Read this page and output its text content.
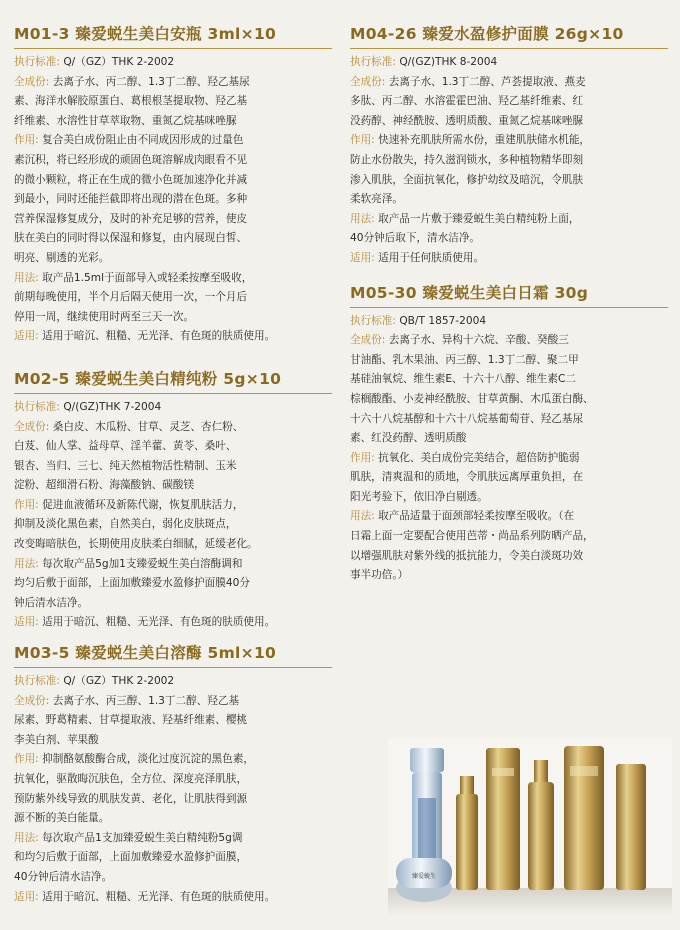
M01-3 臻爱蜕生美白安瓶 3ml×10

执行标准: Q/（GZ）THK 2-2002

全成份: 去离子水、丙二醇、1.3丁二醇、羟乙基尿

素、海洋水解胶原蛋白、葛根根茎提取物、羟乙基

纤维素、水溶性甘草萃取物、重氮乙烷基咪唑脲

作用: 复合美白成份阻止由不同成因形成的过量色

素沉积，将已经形成的顽固色斑溶解成肉眼看不见

的微小颗粒，将正在生成的微小色斑加速净化并减

到最小，同时还能拦截即将出现的潜在色斑。多种

营养保湿修复成分，及时的补充足够的营养，使皮

肤在美白的同时得以保湿和修复，由内展现白皙、

明亮、剔透的光彩。

用法: 取产品1.5ml于面部导入或轻柔按摩至吸收，

前期每晚使用，半个月后隔天使用一次，一个月后

停用一周，继续使用时两至三天一次。

适用: 适用于暗沉、粗糙、无光泽、有色斑的肤质使用。

M02-5 臻爱蜕生美白精纯粉 5g×10

执行标准: Q/(GZ)THK 7-2004

全成份: 桑白皮、木瓜粉、甘草、灵芝、杏仁粉、

白芨、仙人掌、益母草、淫羊藿、黄苓、桑叶、

银杏、当归、三七、纯天然植物活性精制、玉米

淀粉、超细滑石粉、海藻酸钠、碳酸镁

作用: 促进血液循环及新陈代谢，恢复肌肤活力，

抑制及淡化黑色素，自然美白，弱化皮肤斑点，

改变晦暗肤色，长期使用皮肤柔白细腻，延缓老化。

用法: 每次取产品5g加1支臻爱蜕生美白溶酶调和

均匀后敷于面部，上面加敷臻爱水盈修护面膜40分

钟后清水洁净。

适用: 适用于暗沉、粗糙、无光泽、有色斑的肤质使用。

M03-5 臻爱蜕生美白溶酶 5ml×10

执行标准: Q/（GZ）THK 2-2002

全成份: 去离子水、丙三醇、1.3丁二醇、羟乙基

尿素、野葛精素、甘草提取液、羟基纤维素、樱桃

李美白剂、苹果酸

作用: 抑制酪氨酸酶合成，淡化过度沉淀的黑色素，

抗氧化，驱散晦沉肤色，全方位、深度亮泽肌肤，

预防紫外线导致的肌肤发黄、老化，让肌肤得到源

源不断的美白能量。

用法: 每次取产品1支加臻爱蜕生美白精纯粉5g调

和均匀后敷于面部，上面加敷臻爱水盈修护面膜，

40分钟后清水洁净。

适用: 适用于暗沉、粗糙、无光泽、有色斑的肤质使用。

M04-26 臻爱水盈修护面膜 26g×10

执行标准: Q/(GZ)THK 8-2004

全成份: 去离子水、1.3丁二醇、芦荟提取液、燕麦

多肽、丙二醇、水溶霍霍巴油、羟乙基纤维素、红

没药醇、神经酰胺、透明质酸、重氮乙烷基咪唑脲

作用: 快速补充肌肤所需水份，重建肌肤储水机能，

防止水份散失，持久滋润锁水，多种植物精华即刻

渗入肌肤，全面抗氧化，修护幼纹及暗沉，令肌肤

柔软亮泽。

用法: 取产品一片敷于臻爱蜕生美白精纯粉上面，

40分钟后取下，清水洁净。

适用: 适用于任何肤质使用。

M05-30 臻爱蜕生美白日霜 30g

执行标准: QB/T 1857-2004

全成份: 去离子水、异构十六烷、辛酸、癸酸三

甘油酯、乳木果油、丙三醇、1.3丁二醇、聚二甲

基硅油氧烷、维生素E、十六十八醇、维生素C二

棕榈酸酯、小麦神经酰胺、甘草黄酮、木瓜蛋白酶、

十六十八烷基醇和十六十八烷基葡萄苷、羟乙基尿

素、红没药醇、透明质酸

作用: 抗氧化、美白成份完美结合，超倍防护脆弱

肌肤，清爽温和的质地，令肌肤远离厚重负担，在

阳光考验下，依旧净白剔透。

用法: 取产品适量于面颈部轻柔按摩至吸收。（在

日霜上面一定要配合使用芭蒂・尚品系列防晒产品，

以增强肌肤对紫外线的抵抗能力，令美白淡斑功效

事半功倍。）

臻爱蜕生
